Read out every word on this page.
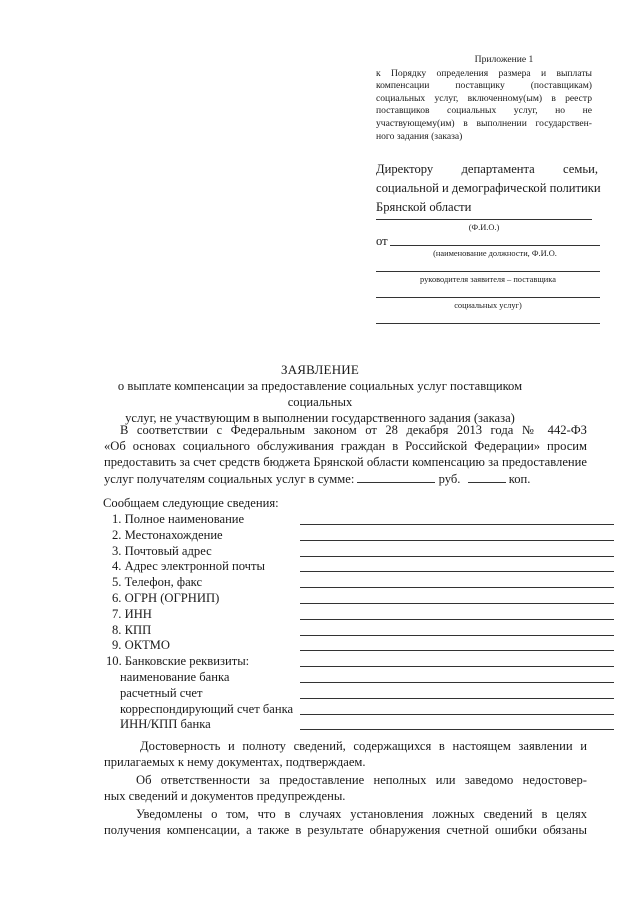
Приложение 1
к Порядку определения размера и выплаты
компенсации поставщику (поставщикам)
социальных услуг, включенному(ым) в реестр
поставщиков социальных услуг, но не
участвующему(им) в выполнении государствен-
ного задания (заказа)
Директору департамента семьи,
социальной и демографической политики
Брянской области
(Ф.И.О.)
от
(наименование должности, Ф.И.О.
руководителя заявителя – поставщика
социальных услуг)
ЗАЯВЛЕНИЕ
о выплате компенсации за предоставление социальных услуг поставщиком социальных
услуг, не участвующим в выполнении государственного задания (заказа)
В соответствии с Федеральным законом от 28 декабря 2013 года № 442-ФЗ
«Об основах социального обслуживания граждан в Российской Федерации» просим
предоставить за счет средств бюджета Брянской области компенсацию за предоставление
услуг получателям социальных услуг в сумме:	руб.	коп.
Сообщаем следующие сведения:
1. Полное наименование
2. Местонахождение
3. Почтовый адрес
4. Адрес электронной почты
5. Телефон, факс
6. ОГРН (ОГРНИП)
7. ИНН
8. КПП
9. ОКТМО
10. Банковские реквизиты:
наименование банка
расчетный счет
корреспондирующий счет банка
ИНН/КПП банка
Достоверность и полноту сведений, содержащихся в настоящем заявлении и
прилагаемых к нему документах, подтверждаем.
Об ответственности за предоставление неполных или заведомо недостовер-
ных сведений и документов предупреждены.
Уведомлены о том, что в случаях установления ложных сведений в целях
получения компенсации, а также в результате обнаружения счетной ошибки обязаны
